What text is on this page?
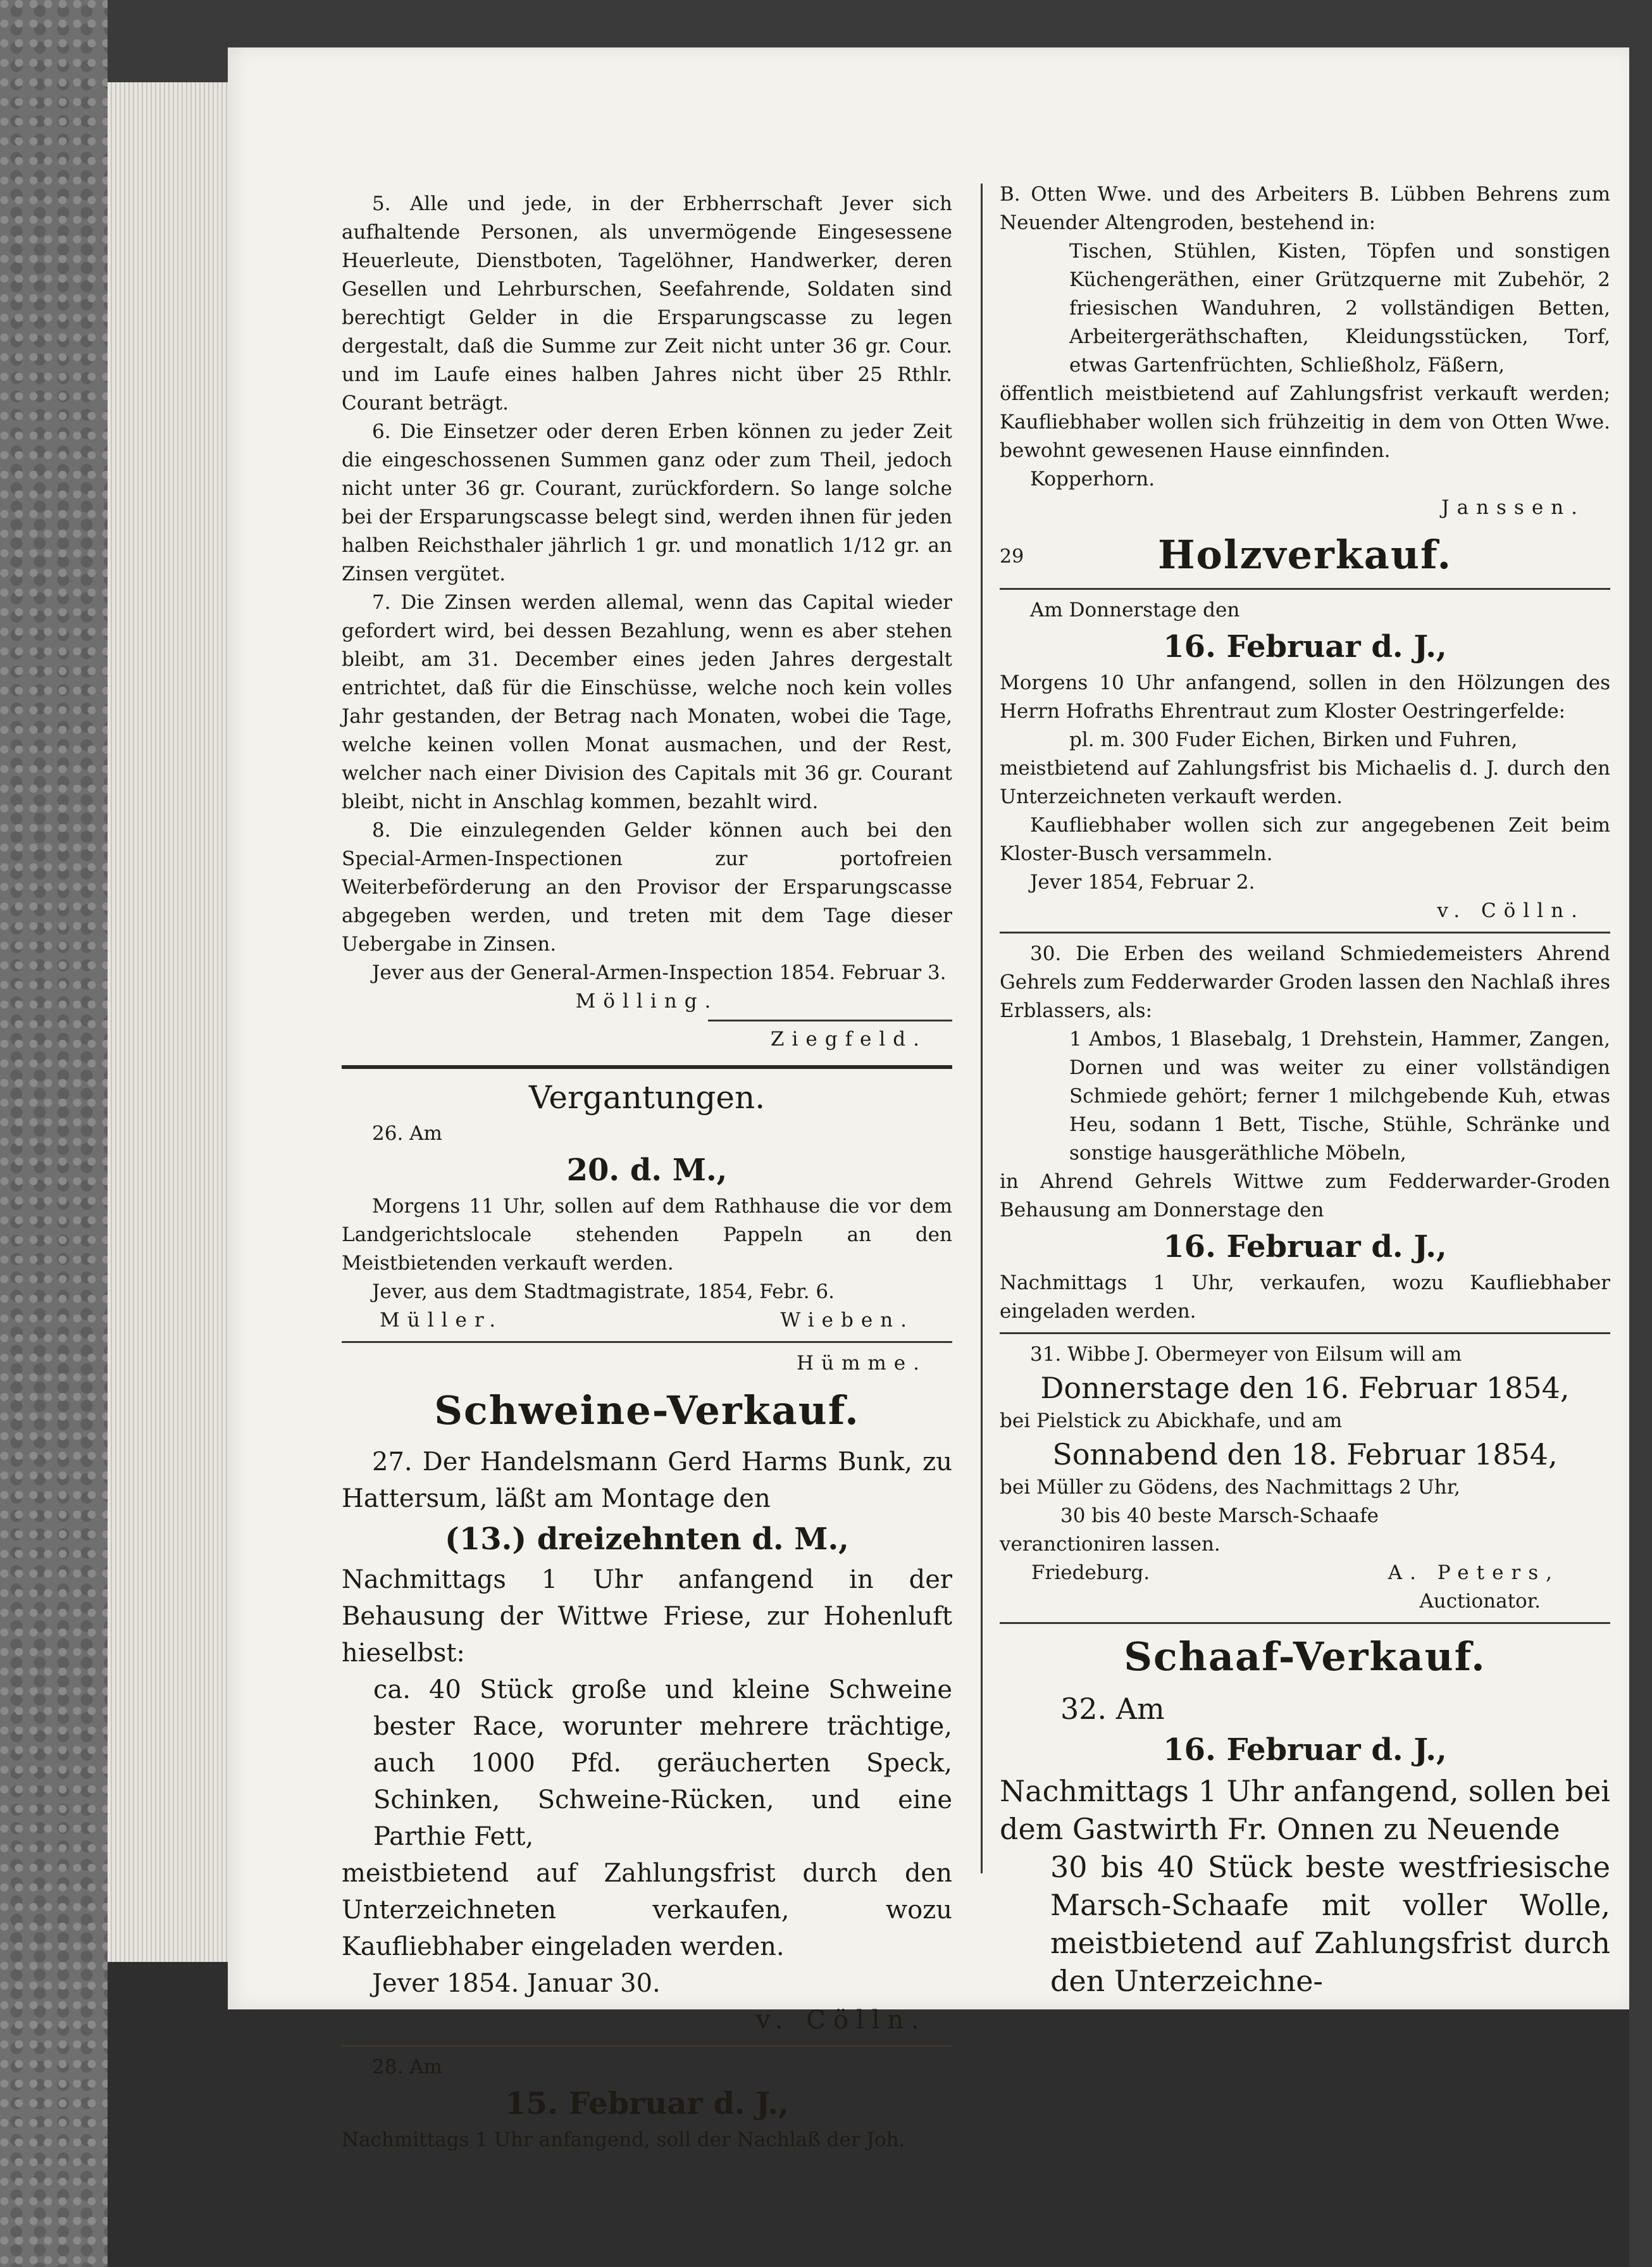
5. Alle und jede, in der Erbherrschaft Jever sich aufhaltende Personen, als unvermögende Eingesessene Heuerleute, Dienstboten, Tagelöhner, Handwerker, deren Gesellen und Lehrburschen, Seefahrende, Soldaten sind berechtigt Gelder in die Ersparungscasse zu legen dergestalt, daß die Summe zur Zeit nicht unter 36 gr. Cour. und im Laufe eines halben Jahres nicht über 25 Rthlr. Courant beträgt.

6. Die Einsetzer oder deren Erben können zu jeder Zeit die eingeschossenen Summen ganz oder zum Theil, jedoch nicht unter 36 gr. Courant, zurückfordern. So lange solche bei der Ersparungscasse belegt sind, werden ihnen für jeden halben Reichsthaler jährlich 1 gr. und monatlich 1/12 gr. an Zinsen vergütet.

7. Die Zinsen werden allemal, wenn das Capital wieder gefordert wird, bei dessen Bezahlung, wenn es aber stehen bleibt, am 31. December eines jeden Jahres dergestalt entrichtet, daß für die Einschüsse, welche noch kein volles Jahr gestanden, der Betrag nach Monaten, wobei die Tage, welche keinen vollen Monat ausmachen, und der Rest, welcher nach einer Division des Capitals mit 36 gr. Courant bleibt, nicht in Anschlag kommen, bezahlt wird.

8. Die einzulegenden Gelder können auch bei den Special-Armen-Inspectionen zur portofreien Weiterbeförderung an den Provisor der Ersparungscasse abgegeben werden, und treten mit dem Tage dieser Uebergabe in Zinsen.

Jever aus der General-Armen-Inspection 1854. Februar 3.

Mölling.

Ziegfeld.

Vergantungen.

26. Am

20. d. M.,

Morgens 11 Uhr, sollen auf dem Rathhause die vor dem Landgerichtslocale stehenden Pappeln an den Meistbietenden verkauft werden.

Jever, aus dem Stadtmagistrate, 1854, Febr. 6.

Müller.	Wieben.

Hümme.

Schweine-Verkauf.

27. Der Handelsmann Gerd Harms Bunk, zu Hattersum, läßt am Montage den

(13.) dreizehnten d. M.,

Nachmittags 1 Uhr anfangend in der Behausung der Wittwe Friese, zur Hohenluft hieselbst:

ca. 40 Stück große und kleine Schweine bester Race, worunter mehrere trächtige, auch 1000 Pfd. geräucherten Speck, Schinken, Schweine-Rücken, und eine Parthie Fett,

meistbietend auf Zahlungsfrist durch den Unterzeichneten verkaufen, wozu Kaufliebhaber eingeladen werden.

Jever 1854. Januar 30.

v. Cölln.

28. Am

15. Februar d. J.,

Nachmittags 1 Uhr anfangend, soll der Nachlaß der Joh.

B. Otten Wwe. und des Arbeiters B. Lübben Behrens zum Neuender Altengroden, bestehend in:

Tischen, Stühlen, Kisten, Töpfen und sonstigen Küchengeräthen, einer Grützquerne mit Zubehör, 2 friesischen Wanduhren, 2 vollständigen Betten, Arbeitergeräthschaften, Kleidungsstücken, Torf, etwas Gartenfrüchten, Schließholz, Fäßern,

öffentlich meistbietend auf Zahlungsfrist verkauft werden; Kaufliebhaber wollen sich frühzeitig in dem von Otten Wwe. bewohnt gewesenen Hause einnfinden.

Kopperhorn.

Janssen.

29	Holzverkauf.

Am Donnerstage den

16. Februar d. J.,

Morgens 10 Uhr anfangend, sollen in den Hölzungen des Herrn Hofraths Ehrentraut zum Kloster Oestringerfelde:

pl. m. 300 Fuder Eichen, Birken und Fuhren,

meistbietend auf Zahlungsfrist bis Michaelis d. J. durch den Unterzeichneten verkauft werden.

Kaufliebhaber wollen sich zur angegebenen Zeit beim Kloster-Busch versammeln.

Jever 1854, Februar 2.

v. Cölln.

30. Die Erben des weiland Schmiedemeisters Ahrend Gehrels zum Fedderwarder Groden lassen den Nachlaß ihres Erblassers, als:

1 Ambos, 1 Blasebalg, 1 Drehstein, Hammer, Zangen, Dornen und was weiter zu einer vollständigen Schmiede gehört; ferner 1 milchgebende Kuh, etwas Heu, sodann 1 Bett, Tische, Stühle, Schränke und sonstige hausgeräthliche Möbeln,

in Ahrend Gehrels Wittwe zum Fedderwarder-Groden Behausung am Donnerstage den

16. Februar d. J.,

Nachmittags 1 Uhr, verkaufen, wozu Kaufliebhaber eingeladen werden.

31. Wibbe J. Obermeyer von Eilsum will am

Donnerstage den 16. Februar 1854,

bei Pielstick zu Abickhafe, und am

Sonnabend den 18. Februar 1854,

bei Müller zu Gödens, des Nachmittags 2 Uhr,

30 bis 40 beste Marsch-Schaafe

veranctioniren lassen.

Friedeburg.	A. Peters,

Auctionator.

Schaaf-Verkauf.

32. Am

16. Februar d. J.,

Nachmittags 1 Uhr anfangend, sollen bei dem Gastwirth Fr. Onnen zu Neuende

30 bis 40 Stück beste westfriesische Marsch-Schaafe mit voller Wolle, meistbietend auf Zahlungsfrist durch den Unterzeichne-
